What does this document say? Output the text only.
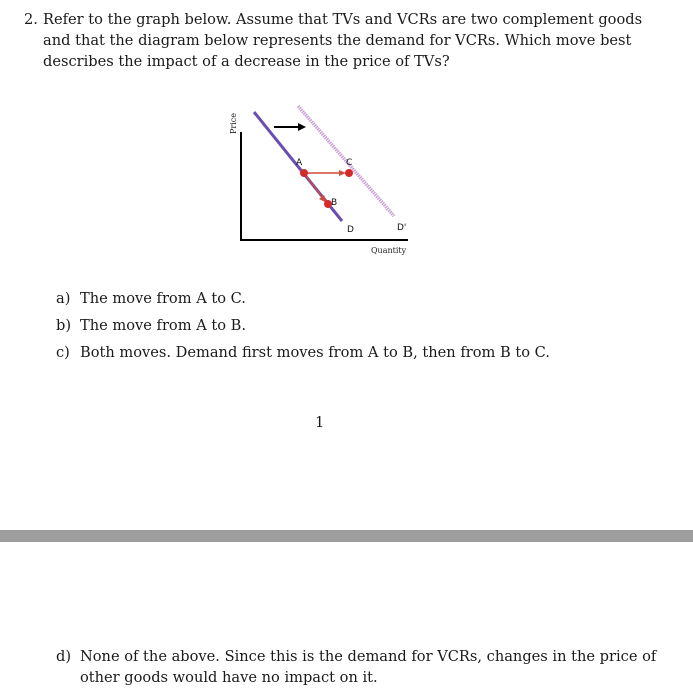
2. Refer to the graph below. Assume that TVs and VCRs are two complement goods and that the diagram below represents the demand for VCRs. Which move best describes the impact of a decrease in the price of TVs?
Price
Quantity
A	C
B
D	D'
a) The move from A to C.
b) The move from A to B.
c) Both moves. Demand first moves from A to B, then from B to C.
1
d) None of the above. Since this is the demand for VCRs, changes in the price of other goods would have no impact on it.
